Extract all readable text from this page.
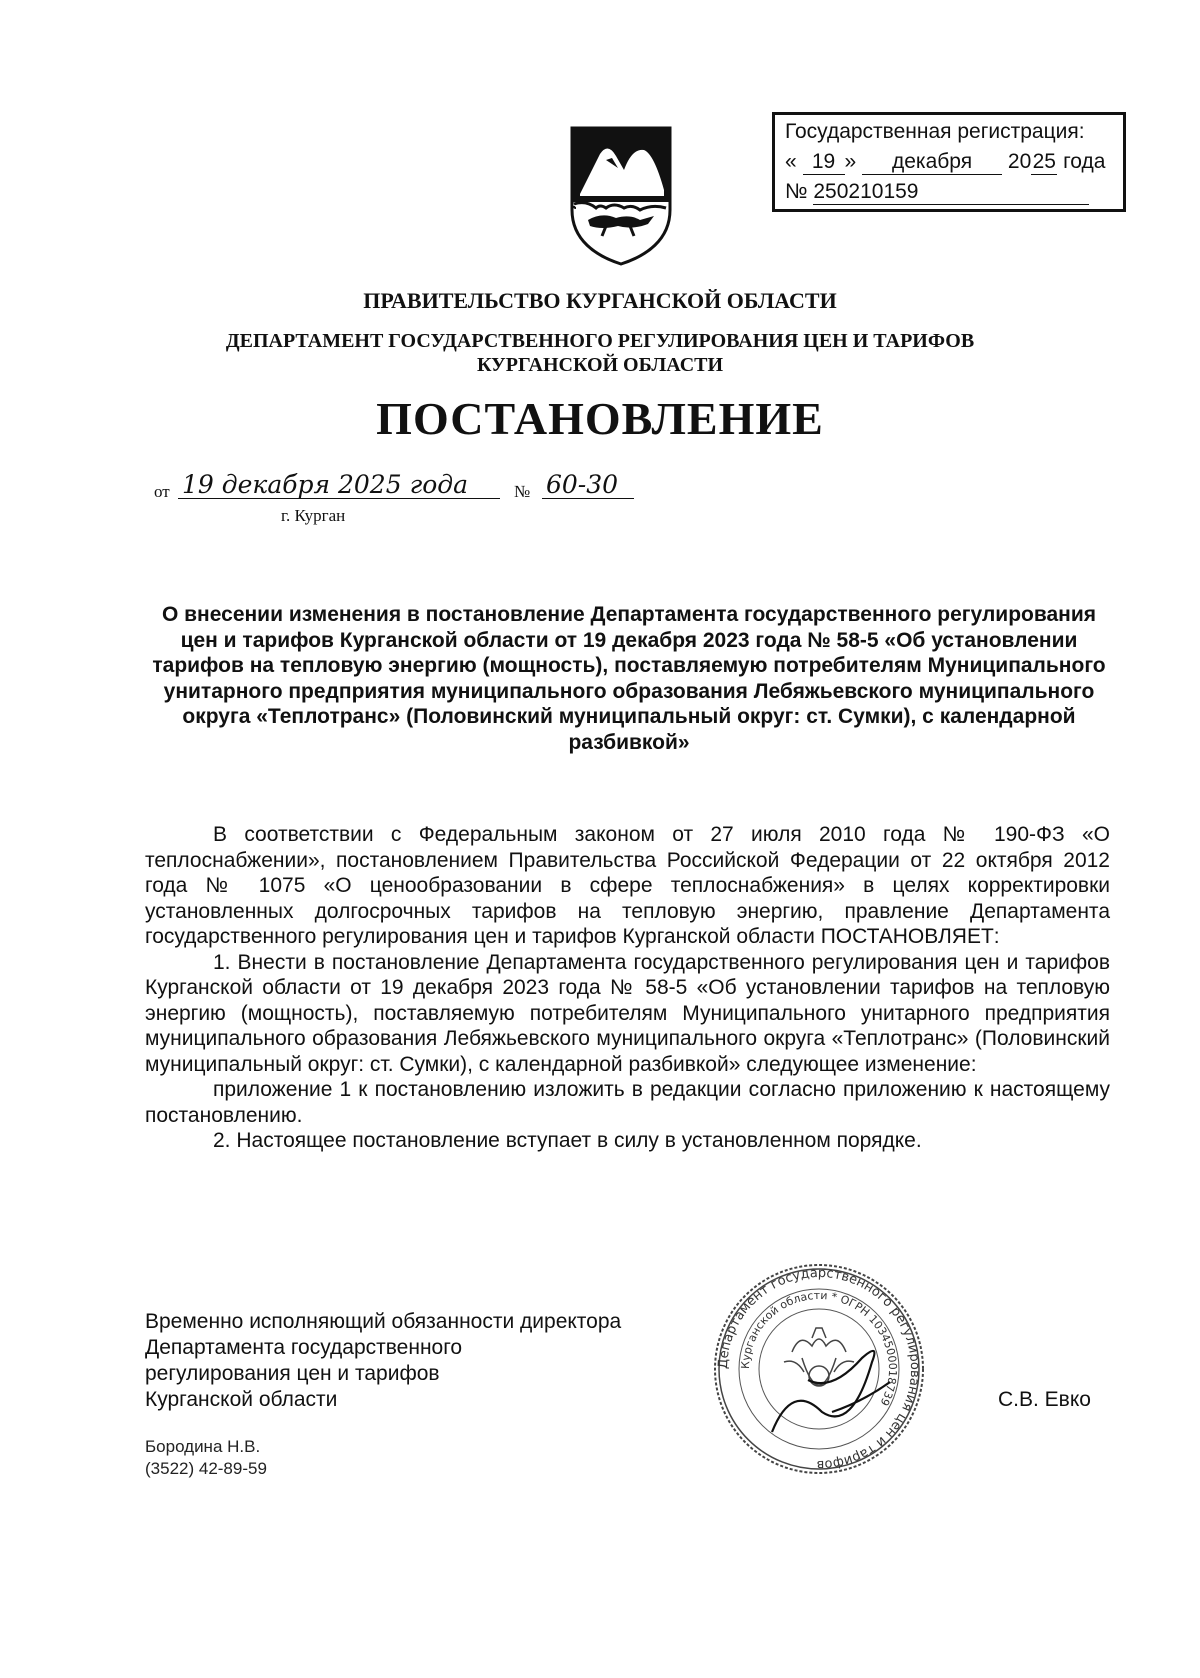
Государственная регистрация:
« 19 » декабря 2025 года
№ 250210159
ПРАВИТЕЛЬСТВО КУРГАНСКОЙ ОБЛАСТИ
ДЕПАРТАМЕНТ ГОСУДАРСТВЕННОГО РЕГУЛИРОВАНИЯ ЦЕН И ТАРИФОВ
КУРГАНСКОЙ ОБЛАСТИ
ПОСТАНОВЛЕНИЕ
от 19 декабря 2025 года	№ 60-30
г. Курган
О внесении изменения в постановление Департамента государственного регулирования цен и тарифов Курганской области от 19 декабря 2023 года № 58-5 «Об установлении тарифов на тепловую энергию (мощность), поставляемую потребителям Муниципального унитарного предприятия муниципального образования Лебяжьевского муниципального округа «Теплотранс» (Половинский муниципальный округ: ст. Сумки), с календарной разбивкой»

В соответствии с Федеральным законом от 27 июля 2010 года № 190-ФЗ «О теплоснабжении», постановлением Правительства Российской Федерации от 22 октября 2012 года № 1075 «О ценообразовании в сфере теплоснабжения» в целях корректировки установленных долгосрочных тарифов на тепловую энергию, правление Департамента государственного регулирования цен и тарифов Курганской области ПОСТАНОВЛЯЕТ:

1. Внести в постановление Департамента государственного регулирования цен и тарифов Курганской области от 19 декабря 2023 года № 58-5 «Об установлении тарифов на тепловую энергию (мощность), поставляемую потребителям Муниципального унитарного предприятия муниципального образования Лебяжьевского муниципального округа «Теплотранс» (Половинский муниципальный округ: ст. Сумки), с календарной разбивкой» следующее изменение:

приложение 1 к постановлению изложить в редакции согласно приложению к настоящему постановлению.

2. Настоящее постановление вступает в силу в установленном порядке.

Временно исполняющий обязанности директора
Департамента государственного
регулирования цен и тарифов
Курганской области
Департамент государственного регулирования цен и тарифов
Курганской области * ОГРН 1034500018739	С.В. Евко
Бородина Н.В.
(3522) 42-89-59
